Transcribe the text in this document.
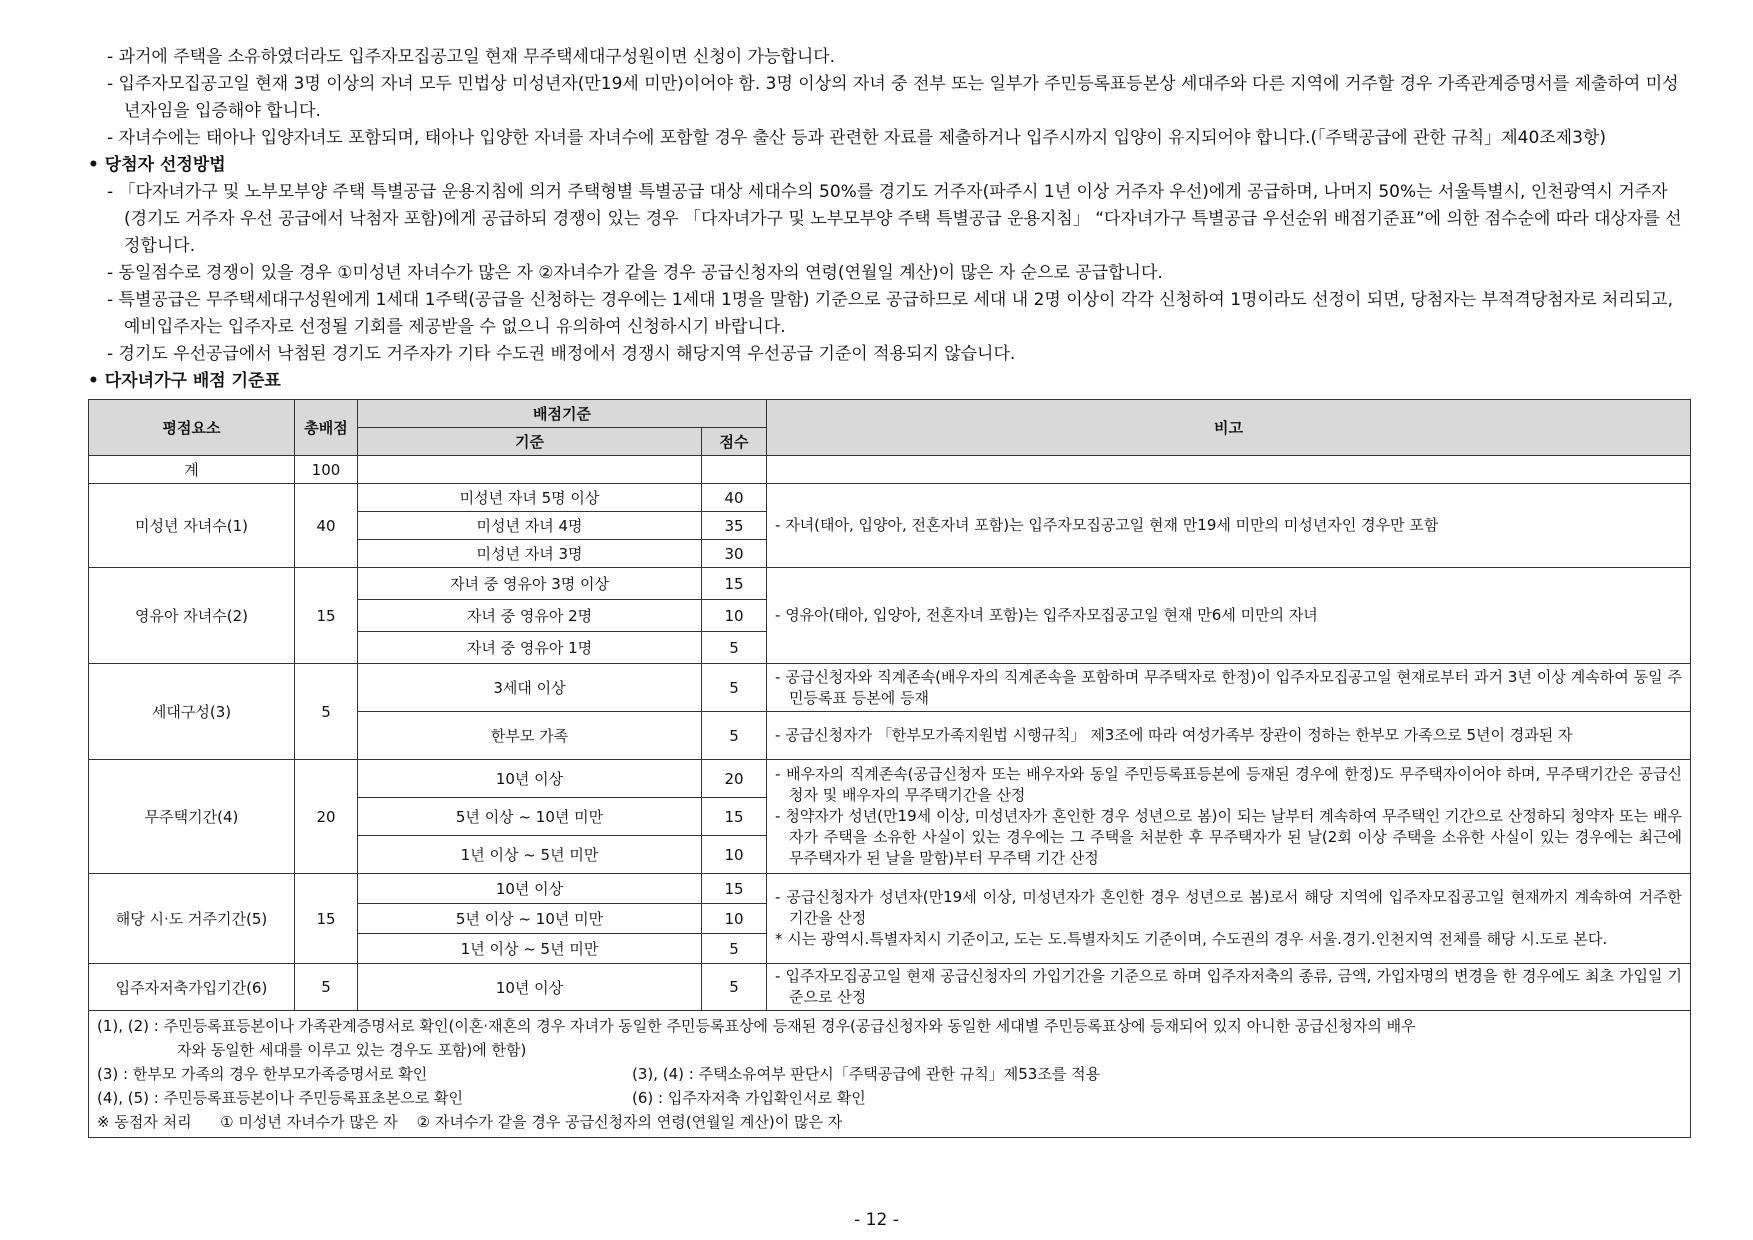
- 과거에 주택을 소유하였더라도 입주자모집공고일 현재 무주택세대구성원이면 신청이 가능합니다.

- 입주자모집공고일 현재 3명 이상의 자녀 모두 민법상 미성년자(만19세 미만)이어야 함. 3명 이상의 자녀 중 전부 또는 일부가 주민등록표등본상 세대주와 다른 지역에 거주할 경우 가족관계증명서를 제출하여 미성년자임을 입증해야 합니다.

- 자녀수에는 태아나 입양자녀도 포함되며, 태아나 입양한 자녀를 자녀수에 포함할 경우 출산 등과 관련한 자료를 제출하거나 입주시까지 입양이 유지되어야 합니다.(「주택공급에 관한 규칙」제40조제3항)

• 당첨자 선정방법

- 「다자녀가구 및 노부모부양 주택 특별공급 운용지침에 의거 주택형별 특별공급 대상 세대수의 50%를 경기도 거주자(파주시 1년 이상 거주자 우선)에게 공급하며, 나머지 50%는 서울특별시, 인천광역시 거주자(경기도 거주자 우선 공급에서 낙첨자 포함)에게 공급하되 경쟁이 있는 경우 「다자녀가구 및 노부모부양 주택 특별공급 운용지침」 “다자녀가구 특별공급 우선순위 배점기준표”에 의한 점수순에 따라 대상자를 선정합니다.

- 동일점수로 경쟁이 있을 경우 ①미성년 자녀수가 많은 자 ②자녀수가 같을 경우 공급신청자의 연령(연월일 계산)이 많은 자 순으로 공급합니다.

- 특별공급은 무주택세대구성원에게 1세대 1주택(공급을 신청하는 경우에는 1세대 1명을 말함) 기준으로 공급하므로 세대 내 2명 이상이 각각 신청하여 1명이라도 선정이 되면, 당첨자는 부적격당첨자로 처리되고, 예비입주자는 입주자로 선정될 기회를 제공받을 수 없으니 유의하여 신청하시기 바랍니다.

- 경기도 우선공급에서 낙첨된 경기도 거주자가 기타 수도권 배정에서 경쟁시 해당지역 우선공급 기준이 적용되지 않습니다.

• 다자녀가구 배점 기준표

평점요소	총배점	배점기준		비고
		기준	점수	
계	100			
미성년 자녀수(1)	40	미성년 자녀 5명 이상	40	- 자녀(태아, 입양아, 전혼자녀 포함)는 입주자모집공고일 현재 만19세 미만의 미성년자인 경우만 포함

		미성년 자녀 4명	35	
		미성년 자녀 3명	30	
영유아 자녀수(2)	15	자녀 중 영유아 3명 이상	15	- 영유아(태아, 입양아, 전혼자녀 포함)는 입주자모집공고일 현재 만6세 미만의 자녀

		자녀 중 영유아 2명	10	
		자녀 중 영유아 1명	5	
세대구성(3)	5	3세대 이상	5	- 공급신청자와 직계존속(배우자의 직계존속을 포함하며 무주택자로 한정)이 입주자모집공고일 현재로부터 과거 3년 이상 계속하여 동일 주민등록표 등본에 등재

		한부모 가족	5	- 공급신청자가 「한부모가족지원법 시행규칙」 제3조에 따라 여성가족부 장관이 정하는 한부모 가족으로 5년이 경과된 자

무주택기간(4)	20	10년 이상	20	- 배우자의 직계존속(공급신청자 또는 배우자와 동일 주민등록표등본에 등재된 경우에 한정)도 무주택자이어야 하며, 무주택기간은 공급신청자 및 배우자의 무주택기간을 산정
- 청약자가 성년(만19세 이상, 미성년자가 혼인한 경우 성년으로 봄)이 되는 날부터 계속하여 무주택인 기간으로 산정하되 청약자 또는 배우자가 주택을 소유한 사실이 있는 경우에는 그 주택을 처분한 후 무주택자가 된 날(2회 이상 주택을 소유한 사실이 있는 경우에는 최근에 무주택자가 된 날을 말함)부터 무주택 기간 산정

		5년 이상 ~ 10년 미만	15	
		1년 이상 ~ 5년 미만	10	
해당 시·도 거주기간(5)	15	10년 이상	15	- 공급신청자가 성년자(만19세 이상, 미성년자가 혼인한 경우 성년으로 봄)로서 해당 지역에 입주자모집공고일 현재까지 계속하여 거주한 기간을 산정
* 시는 광역시.특별자치시 기준이고, 도는 도.특별자치도 기준이며, 수도권의 경우 서울.경기.인천지역 전체를 해당 시.도로 본다.

		5년 이상 ~ 10년 미만	10	
		1년 이상 ~ 5년 미만	5	
입주자저축가입기간(6)	5	10년 이상	5	- 입주자모집공고일 현재 공급신청자의 가입기간을 기준으로 하며 입주자저축의 종류, 금액, 가입자명의 변경을 한 경우에도 최초 가입일 기준으로 산정

(1), (2) : 주민등록표등본이나 가족관계증명서로 확인(이혼·재혼의 경우 자녀가 동일한 주민등록표상에 등재된 경우(공급신청자와 동일한 세대별 주민등록표상에 등재되어 있지 아니한 공급신청자의 배우
자와 동일한 세대를 이루고 있는 경우도 포함)에 한함)
(3) : 한부모 가족의 경우 한부모가족증명서로 확인 (3), (4) : 주택소유여부 판단시「주택공급에 관한 규칙」제53조를 적용
(4), (5) : 주민등록표등본이나 주민등록표초본으로 확인 (6) : 입주자저축 가입확인서로 확인
※ 동점자 처리      ① 미성년 자녀수가 많은 자    ② 자녀수가 같을 경우 공급신청자의 연령(연월일 계산)이 많은 자				
- 12 -
